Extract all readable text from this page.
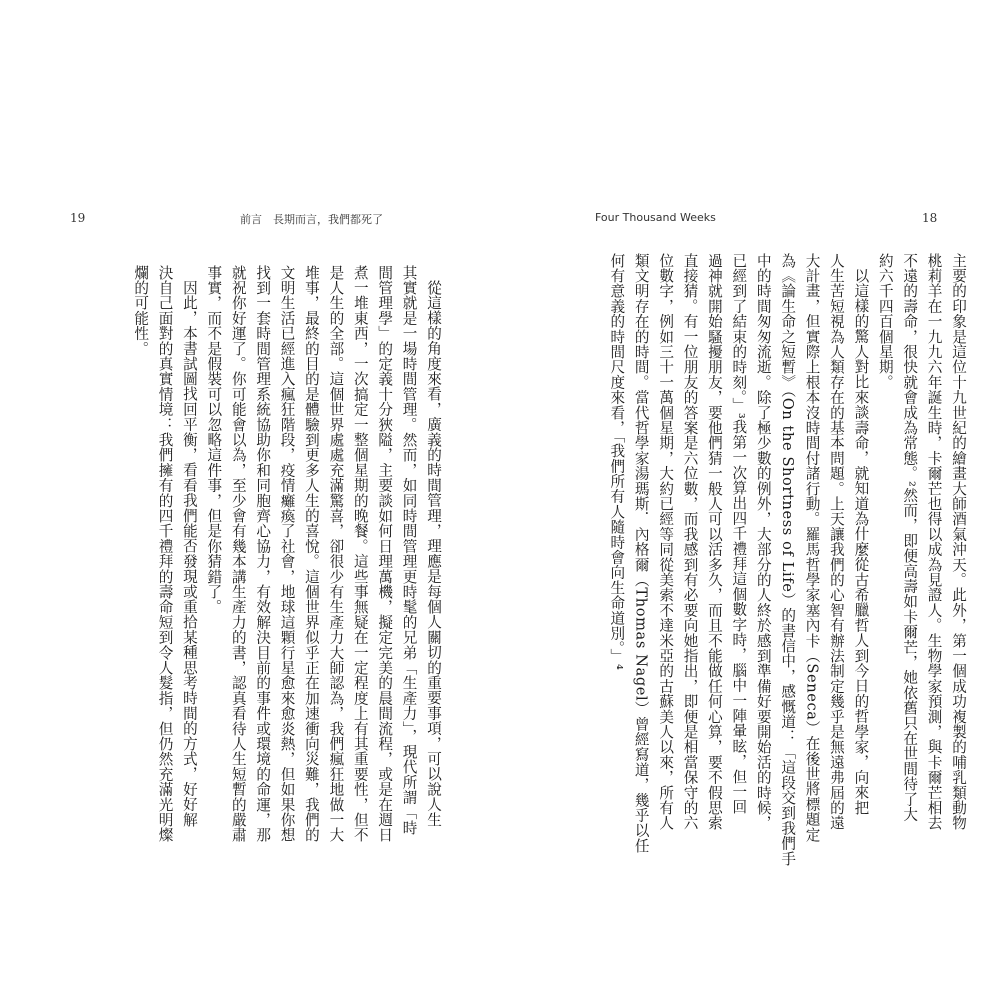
19	前言　長期而言，我們都死了
從這樣的角度來看，廣義的時間管理，理應是每個人關切的重要事項，可以說人生
其實就是一場時間管理。然而，如同時間管理更時髦的兄弟「生產力」，現代所謂「時
間管理學」的定義十分狹隘，主要談如何日理萬機，擬定完美的晨間流程，或是在週日
煮一堆東西，一次搞定一整個星期的晚餐。這些事無疑在一定程度上有其重要性，但不
是人生的全部。這個世界處處充滿驚喜，卻很少有生產力大師認為，我們瘋狂地做一大
堆事，最終的目的是體驗到更多人生的喜悅。這個世界似乎正在加速衝向災難，我們的
文明生活已經進入瘋狂階段，疫情癱瘓了社會，地球這顆行星愈來愈炎熱，但如果你想
找到一套時間管理系統協助你和同胞齊心協力，有效解決目前的事件或環境的命運，那
就祝你好運了。你可能會以為，至少會有幾本講生產力的書，認真看待人生短暫的嚴肅
事實，而不是假裝可以忽略這件事，但是你猜錯了。
因此，本書試圖找回平衡，看看我們能否發現或重拾某種思考時間的方式，好好解
決自己面對的真實情境：我們擁有的四千禮拜的壽命短到令人髮指，但仍然充滿光明燦
爛的可能性。
Four Thousand Weeks	18
主要的印象是這位十九世紀的繪畫大師酒氣沖天。此外，第一個成功複製的哺乳類動物
桃莉羊在一九九六年誕生時，卡爾芒也得以成為見證人。生物學家預測，與卡爾芒相去
不遠的壽命，很快就會成為常態。²然而，即便高壽如卡爾芒，她依舊只在世間待了大
約六千四百個星期。
以這樣的驚人對比來談壽命，就知道為什麼從古希臘哲人到今日的哲學家，向來把
人生苦短視為人類存在的基本問題。上天讓我們的心智有辦法制定幾乎是無遠弗屆的遠
大計畫，但實際上根本沒時間付諸行動。羅馬哲學家塞內卡（Seneca）在後世將標題定
為《論生命之短暫》（On the Shortness of Life）的書信中，感慨道：「這段交到我們手
中的時間匆匆流逝。除了極少數的例外，大部分的人終於感到準備好要開始活的時候，
已經到了結束的時刻。」³我第一次算出四千禮拜這個數字時，腦中一陣暈眩，但一回
過神就開始騷擾朋友，要他們猜一般人可以活多久，而且不能做任何心算，要不假思索
直接猜。有一位朋友的答案是六位數，而我感到有必要向她指出，即便是相當保守的六
位數字，例如三十一萬個星期，大約已經等同從美索不達米亞的古蘇美人以來，所有人
類文明存在的時間。當代哲學家湯瑪斯．內格爾（Thomas Nagel）曾經寫道，幾乎以任
何有意義的時間尺度來看，「我們所有人隨時會向生命道別。」⁴
